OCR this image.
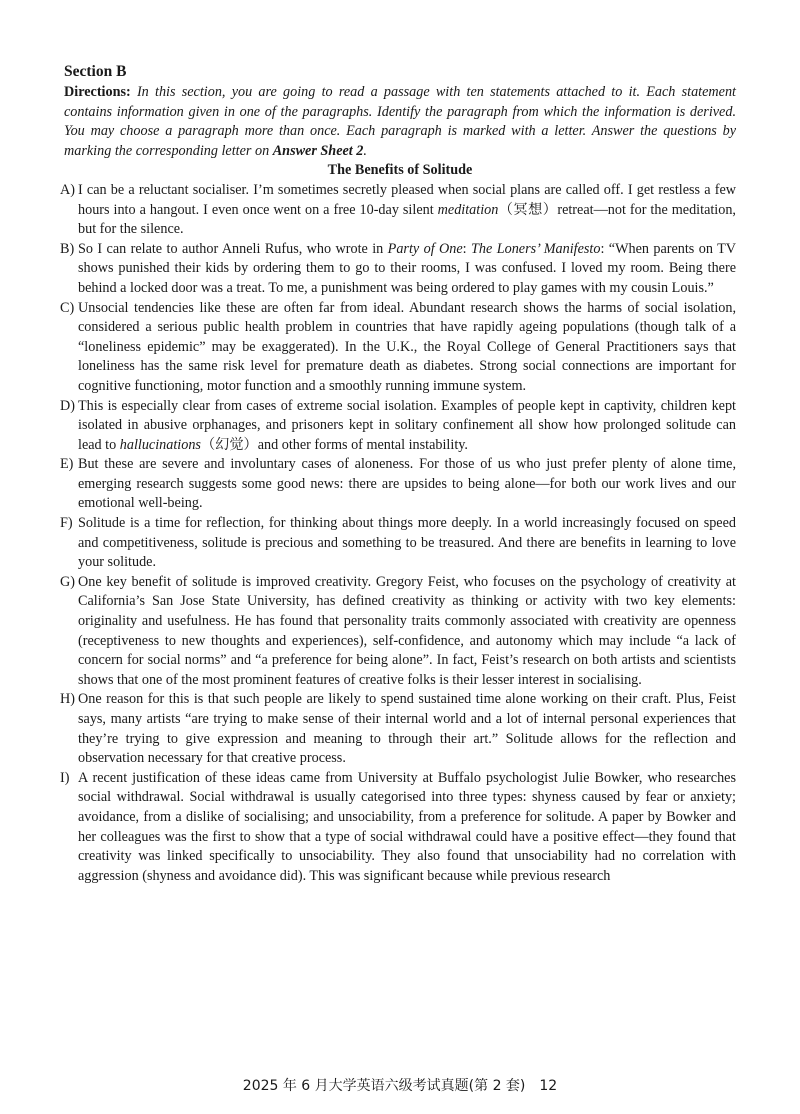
Section B

Directions: In this section, you are going to read a passage with ten statements attached to it. Each statement contains information given in one of the paragraphs. Identify the paragraph from which the information is derived. You may choose a paragraph more than once. Each paragraph is marked with a letter. Answer the questions by marking the corresponding letter on Answer Sheet 2.

The Benefits of Solitude

A) I can be a reluctant socialiser. I’m sometimes secretly pleased when social plans are called off. I get restless a few hours into a hangout. I even once went on a free 10-day silent meditation（冥想）retreat—not for the meditation, but for the silence.

B) So I can relate to author Anneli Rufus, who wrote in Party of One: The Loners’ Manifesto: “When parents on TV shows punished their kids by ordering them to go to their rooms, I was confused. I loved my room. Being there behind a locked door was a treat. To me, a punishment was being ordered to play games with my cousin Louis.”

C) Unsocial tendencies like these are often far from ideal. Abundant research shows the harms of social isolation, considered a serious public health problem in countries that have rapidly ageing populations (though talk of a “loneliness epidemic” may be exaggerated). In the U.K., the Royal College of General Practitioners says that loneliness has the same risk level for premature death as diabetes. Strong social connections are important for cognitive functioning, motor function and a smoothly running immune system.

D) This is especially clear from cases of extreme social isolation. Examples of people kept in captivity, children kept isolated in abusive orphanages, and prisoners kept in solitary confinement all show how prolonged solitude can lead to hallucinations（幻觉）and other forms of mental instability.

E) But these are severe and involuntary cases of aloneness. For those of us who just prefer plenty of alone time, emerging research suggests some good news: there are upsides to being alone—for both our work lives and our emotional well-being.

F) Solitude is a time for reflection, for thinking about things more deeply. In a world increasingly focused on speed and competitiveness, solitude is precious and something to be treasured. And there are benefits in learning to love your solitude.

G) One key benefit of solitude is improved creativity. Gregory Feist, who focuses on the psychology of creativity at California’s San Jose State University, has defined creativity as thinking or activity with two key elements: originality and usefulness. He has found that personality traits commonly associated with creativity are openness (receptiveness to new thoughts and experiences), self-confidence, and autonomy which may include “a lack of concern for social norms” and “a preference for being alone”. In fact, Feist’s research on both artists and scientists shows that one of the most prominent features of creative folks is their lesser interest in socialising.

H) One reason for this is that such people are likely to spend sustained time alone working on their craft. Plus, Feist says, many artists “are trying to make sense of their internal world and a lot of internal personal experiences that they’re trying to give expression and meaning to through their art.” Solitude allows for the reflection and observation necessary for that creative process.

I) A recent justification of these ideas came from University at Buffalo psychologist Julie Bowker, who researches social withdrawal. Social withdrawal is usually categorised into three types: shyness caused by fear or anxiety; avoidance, from a dislike of socialising; and unsociability, from a preference for solitude. A paper by Bowker and her colleagues was the first to show that a type of social withdrawal could have a positive effect—they found that creativity was linked specifically to unsociability. They also found that unsociability had no correlation with aggression (shyness and avoidance did). This was significant because while previous research

2025 年 6 月大学英语六级考试真题(第 2 套)　12
